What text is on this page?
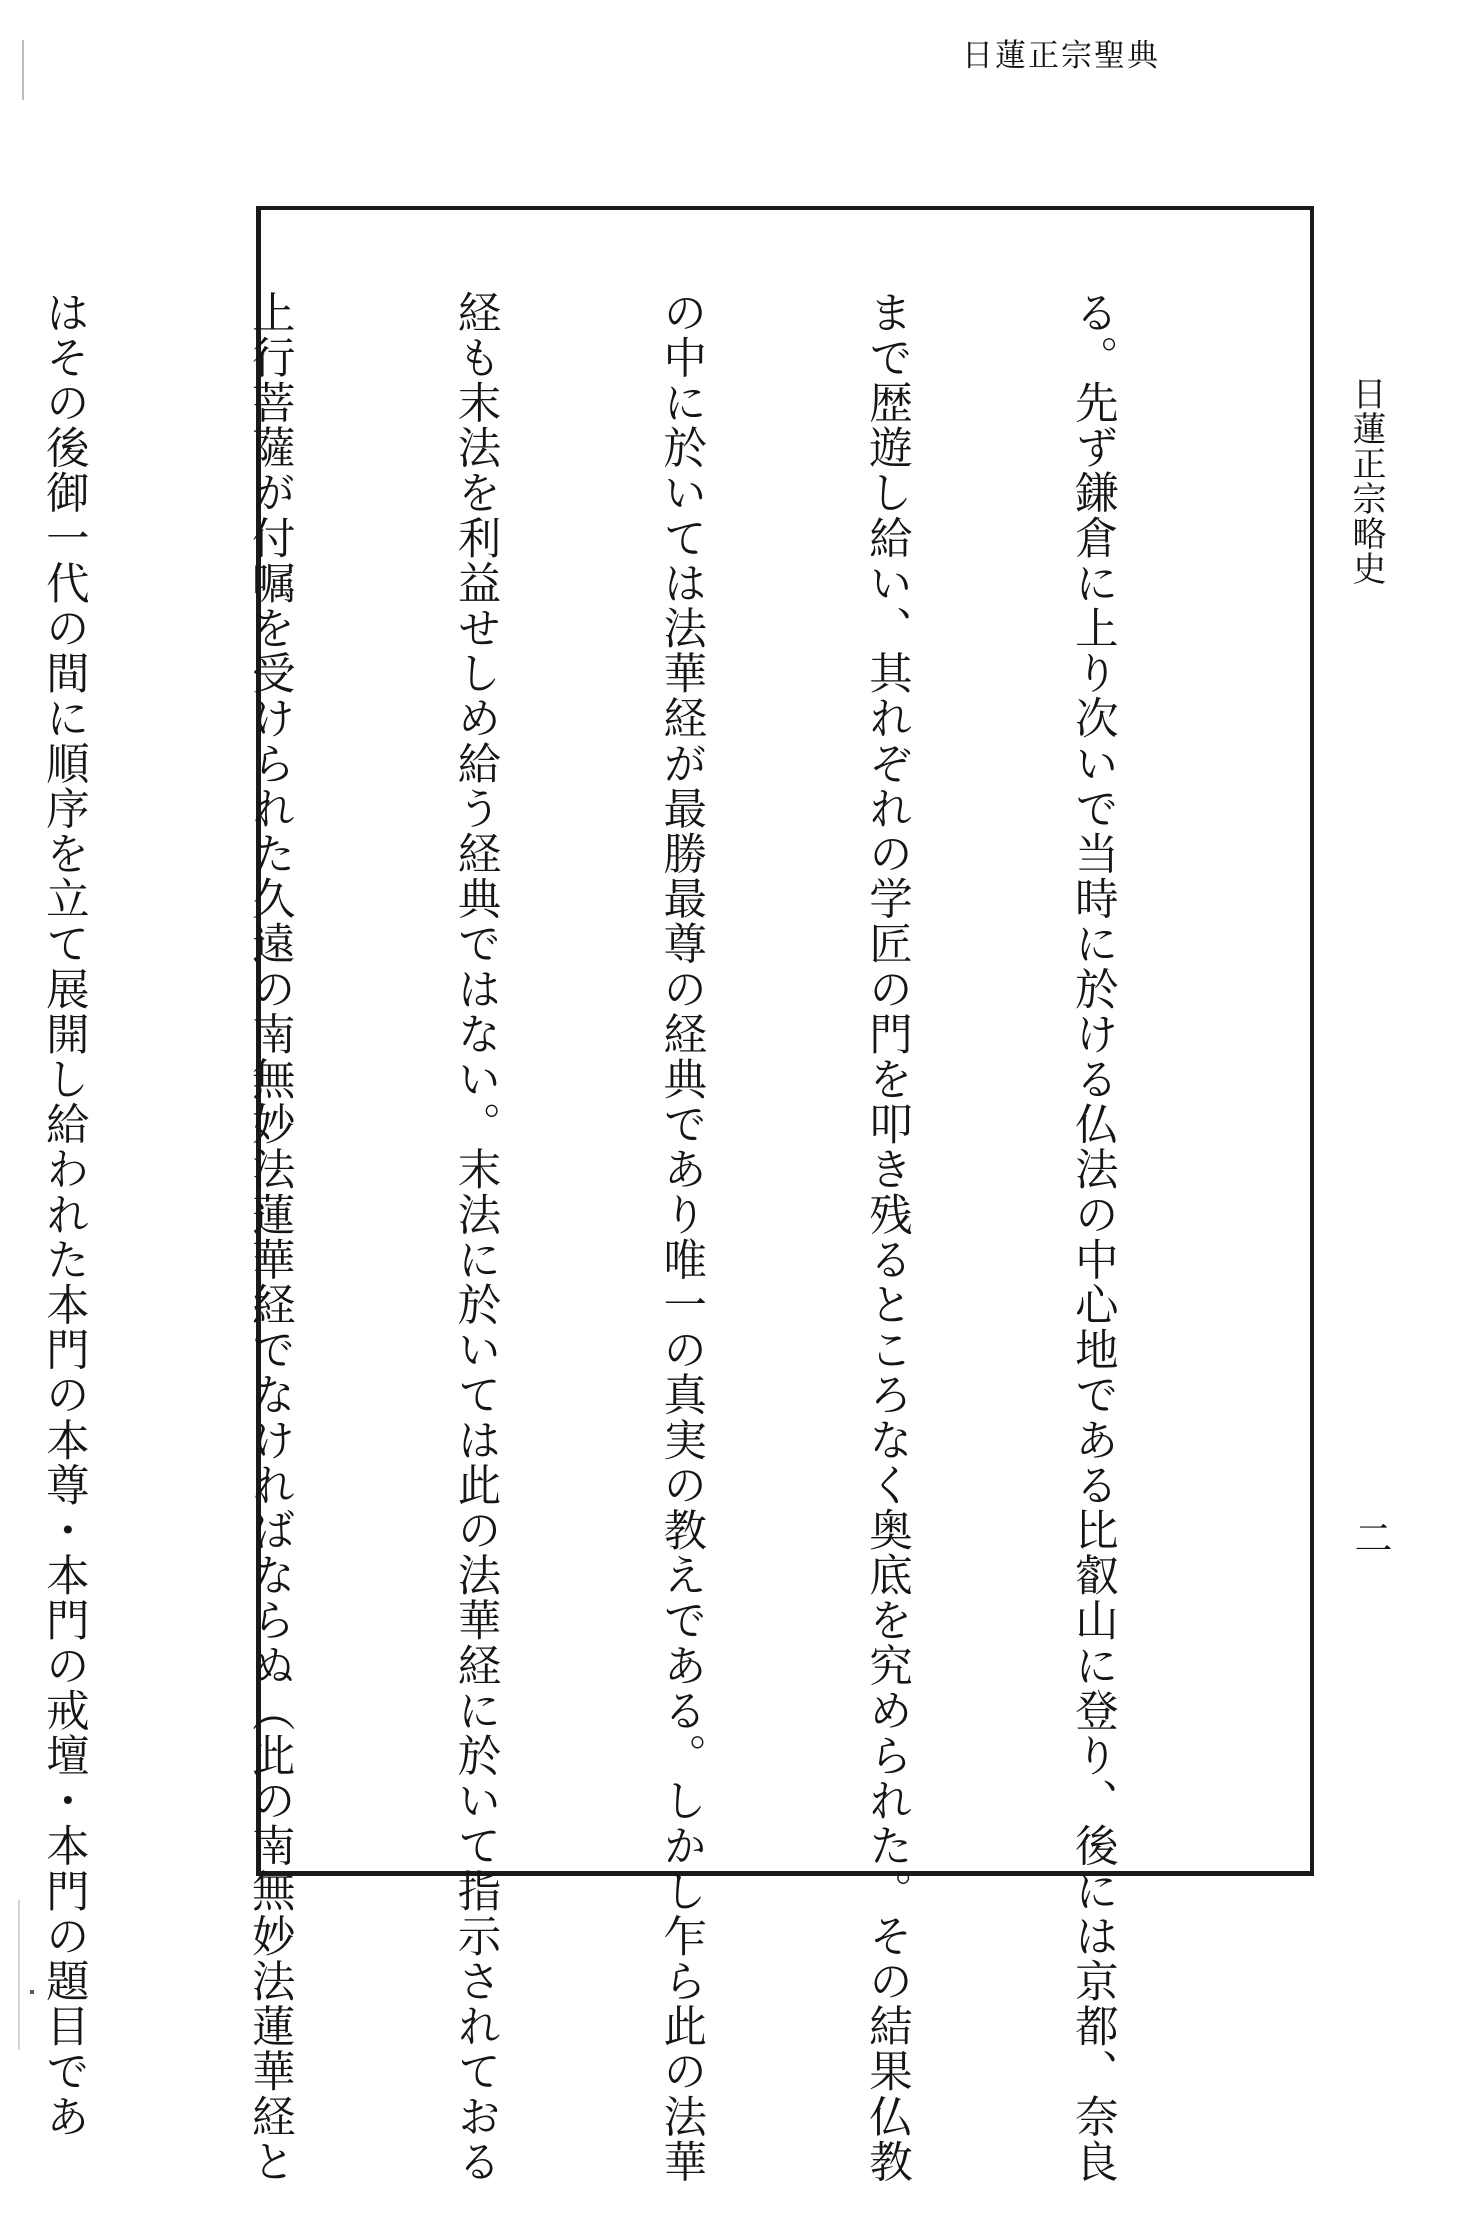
日蓮正宗聖典
日蓮正宗略史
二

る。先ず鎌倉に上り次いで当時に於ける仏法の中心地である比叡山に登り、後には京都、奈良

まで歴遊し給い、其れぞれの学匠の門を叩き残るところなく奥底を究められた。その結果仏教

の中に於いては法華経が最勝最尊の経典であり唯一の真実の教えである。しかし乍ら此の法華

経も末法を利益せしめ給う経典ではない。末法に於いては此の法華経に於いて指示されておる

上行菩薩が付嘱を受けられた久遠の南無妙法蓮華経でなければならぬ（此の南無妙法蓮華経と

はその後御一代の間に順序を立て展開し給われた本門の本尊・本門の戒壇・本門の題目であ
